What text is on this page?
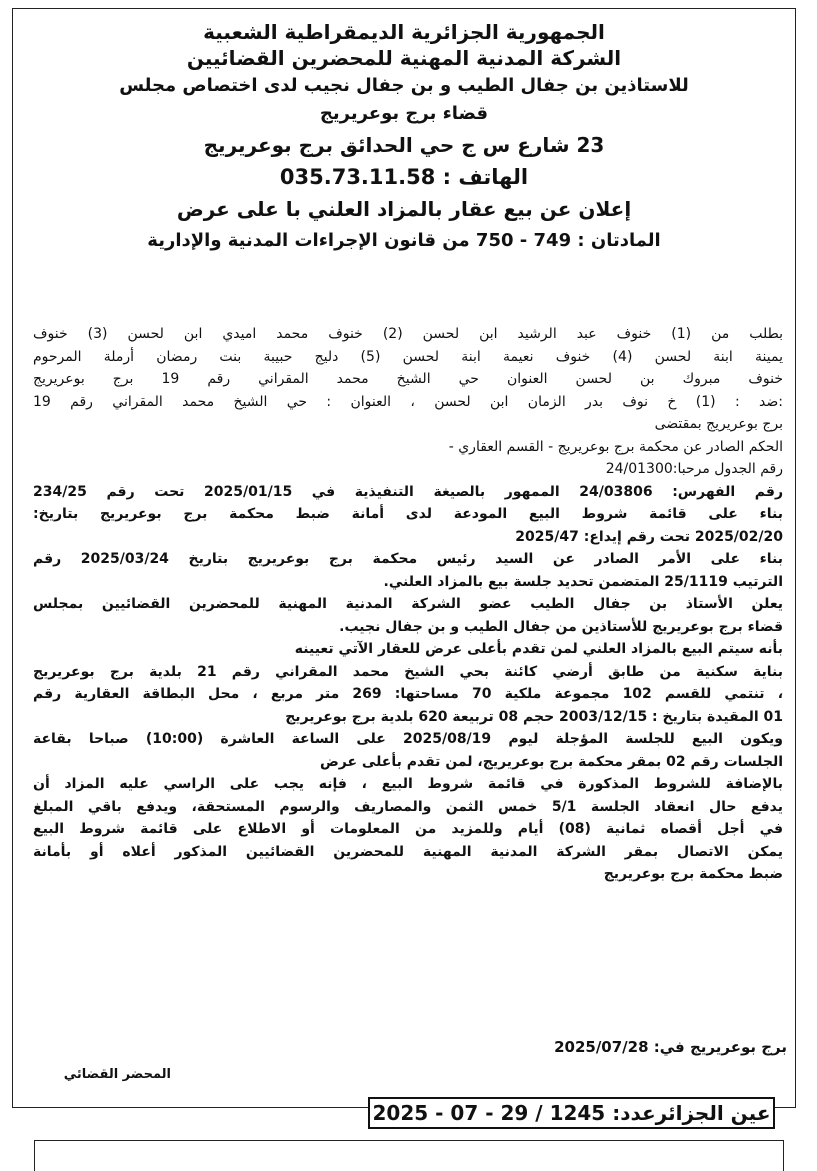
الجمهورية الجزائرية الديمقراطية الشعبية
الشركة المدنية المهنية للمحضرين القضائيين
للاستاذين بن جفال الطيب و بن جفال نجيب لدى اختصاص مجلس
قضاء برج بوعريريج
23 شارع س ج حي الحدائق برج بوعريريج
الهاتف : 035.73.11.58
إعلان عن بيع عقار بالمزاد العلني با على عرض
المادتان : 749 - 750 من قانون الإجراءات المدنية والإدارية
بطلب من (1) خنوف عبد الرشيد ابن لحسن (2) خنوف محمد اميدي ابن لحسن (3) خنوف
يمينة ابنة لحسن (4) خنوف نعيمة ابنة لحسن (5) دليج حبيبة بنت رمضان أرملة المرحوم
خنوف مبروك بن لحسن العنوان حي الشيخ محمد المقراني رقم 19 برج بوعريريج
:ضد : (1) خ نوف بدر الزمان ابن لحسن ، العنوان : حي الشيخ محمد المقراني رقم 19
برج بوعريريج بمقتضى
الحكم الصادر عن محكمة برج بوعريريج - القسم العقاري -
رقم الجدول مرحبا:24/01300
رقم الفهرس: 24/03806 الممهور بالصيغة التنفيذية في 2025/01/15 تحت رقم 234/25
بناء على قائمة شروط البيع المودعة لدى أمانة ضبط محكمة برج بوعريريج بتاريخ:
2025/02/20 تحت رقم إيداع: 2025/47
بناء على الأمر الصادر عن السيد رئيس محكمة برج بوعريريج بتاريخ 2025/03/24 رقم
الترتيب 25/1119 المتضمن تحديد جلسة بيع بالمزاد العلني.
يعلن الأستاذ بن جفال الطيب عضو الشركة المدنية المهنية للمحضرين القضائيين بمجلس
قضاء برج بوعريريج للأستاذين من جفال الطيب و بن جفال نجيب.
بأنه سيتم البيع بالمزاد العلني لمن تقدم بأعلى عرض للعقار الآتي تعيينه
بناية سكنية من طابق أرضي كائنة بحي الشيخ محمد المقراني رقم 21 بلدية برج بوعريريج
، تنتمي للقسم 102 مجموعة ملكية 70 مساحتها: 269 متر مربع ، محل البطاقة العقارية رقم
01 المقيدة بتاريخ : 2003/12/15 حجم 08 تربيعة 620 بلدية برج بوعريريج
ويكون البيع للجلسة المؤجلة ليوم 2025/08/19 على الساعة العاشرة (10:00) صباحا بقاعة
الجلسات رقم 02 بمقر محكمة برج بوعريريج، لمن تقدم بأعلى عرض
بالإضافة للشروط المذكورة في قائمة شروط البيع ، فإنه يجب على الراسي عليه المزاد أن
يدفع حال انعقاد الجلسة 5/1 خمس الثمن والمصاريف والرسوم المستحقة، ويدفع باقي المبلغ
في أجل أقصاه ثمانية (08) أيام وللمزيد من المعلومات أو الاطلاع على قائمة شروط البيع
يمكن الاتصال بمقر الشركة المدنية المهنية للمحضرين القضائيين المذكور أعلاه أو بأمانة
ضبط محكمة برج بوعريريج
برج بوعريريج في: 2025/07/28
المحضر القضائي
عين الجزائرعدد: 1245 / 29 - 07 - 2025
